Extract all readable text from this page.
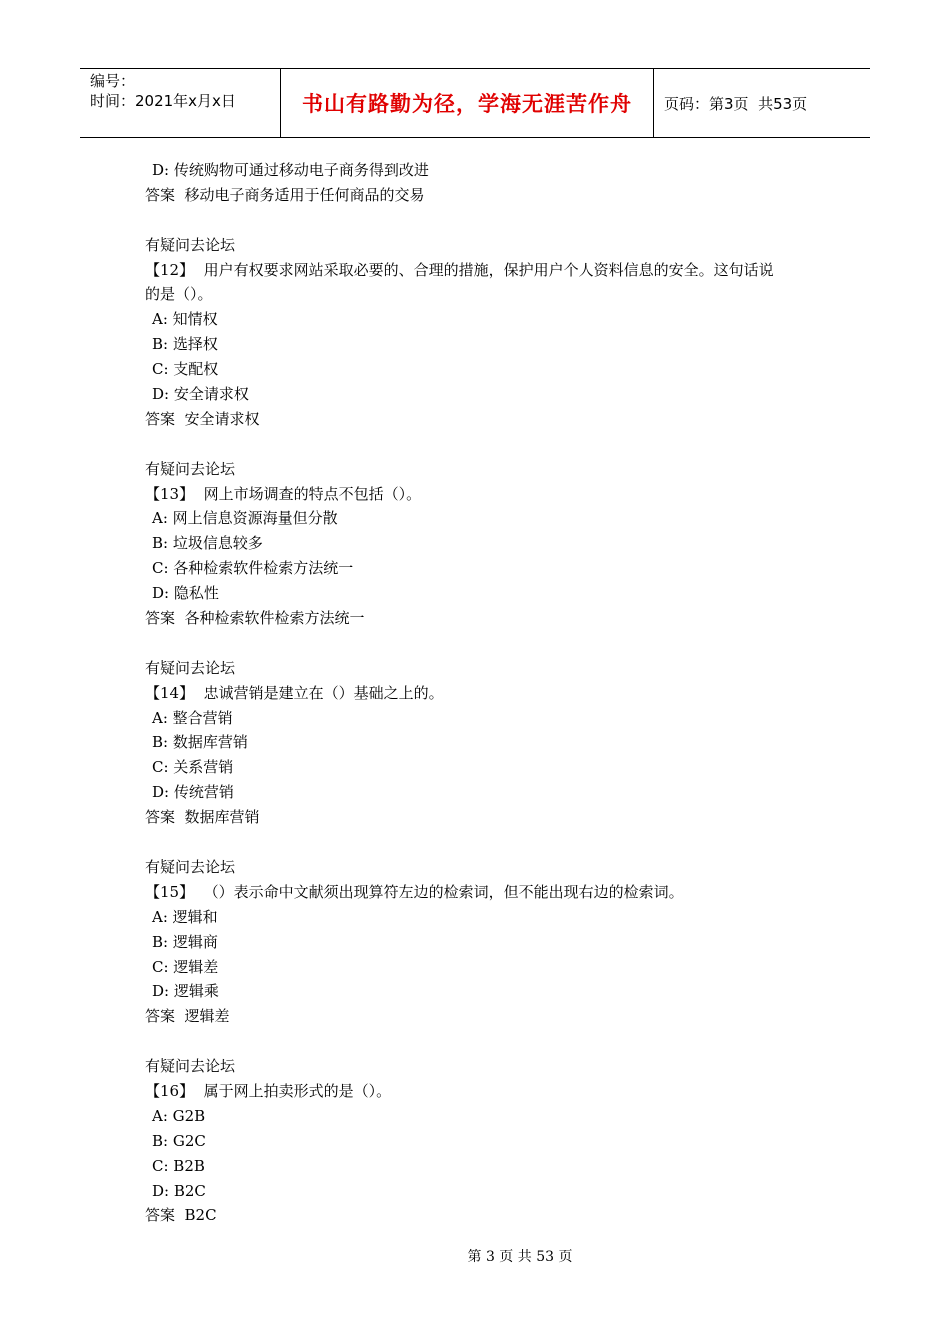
编号：
时间：2021年x月x日	书山有路勤为径，学海无涯苦作舟	页码：第3页  共53页
D: 传统购物可通过移动电子商务得到改进
答案  移动电子商务适用于任何商品的交易
有疑问去论坛
【12】 用户有权要求网站采取必要的、合理的措施，保护用户个人资料信息的安全。这句话说
的是（）。
A: 知情权
B: 选择权
C: 支配权
D: 安全请求权
答案  安全请求权
有疑问去论坛
【13】 网上市场调查的特点不包括（）。
A: 网上信息资源海量但分散
B: 垃圾信息较多
C: 各种检索软件检索方法统一
D: 隐私性
答案  各种检索软件检索方法统一
有疑问去论坛
【14】 忠诚营销是建立在（）基础之上的。
A: 整合营销
B: 数据库营销
C: 关系营销
D: 传统营销
答案  数据库营销
有疑问去论坛
【15】 （）表示命中文献须出现算符左边的检索词，但不能出现右边的检索词。
A: 逻辑和
B: 逻辑商
C: 逻辑差
D: 逻辑乘
答案  逻辑差
有疑问去论坛
【16】 属于网上拍卖形式的是（）。
A: G2B
B: G2C
C: B2B
D: B2C
答案  B2C
第 3 页 共 53 页
